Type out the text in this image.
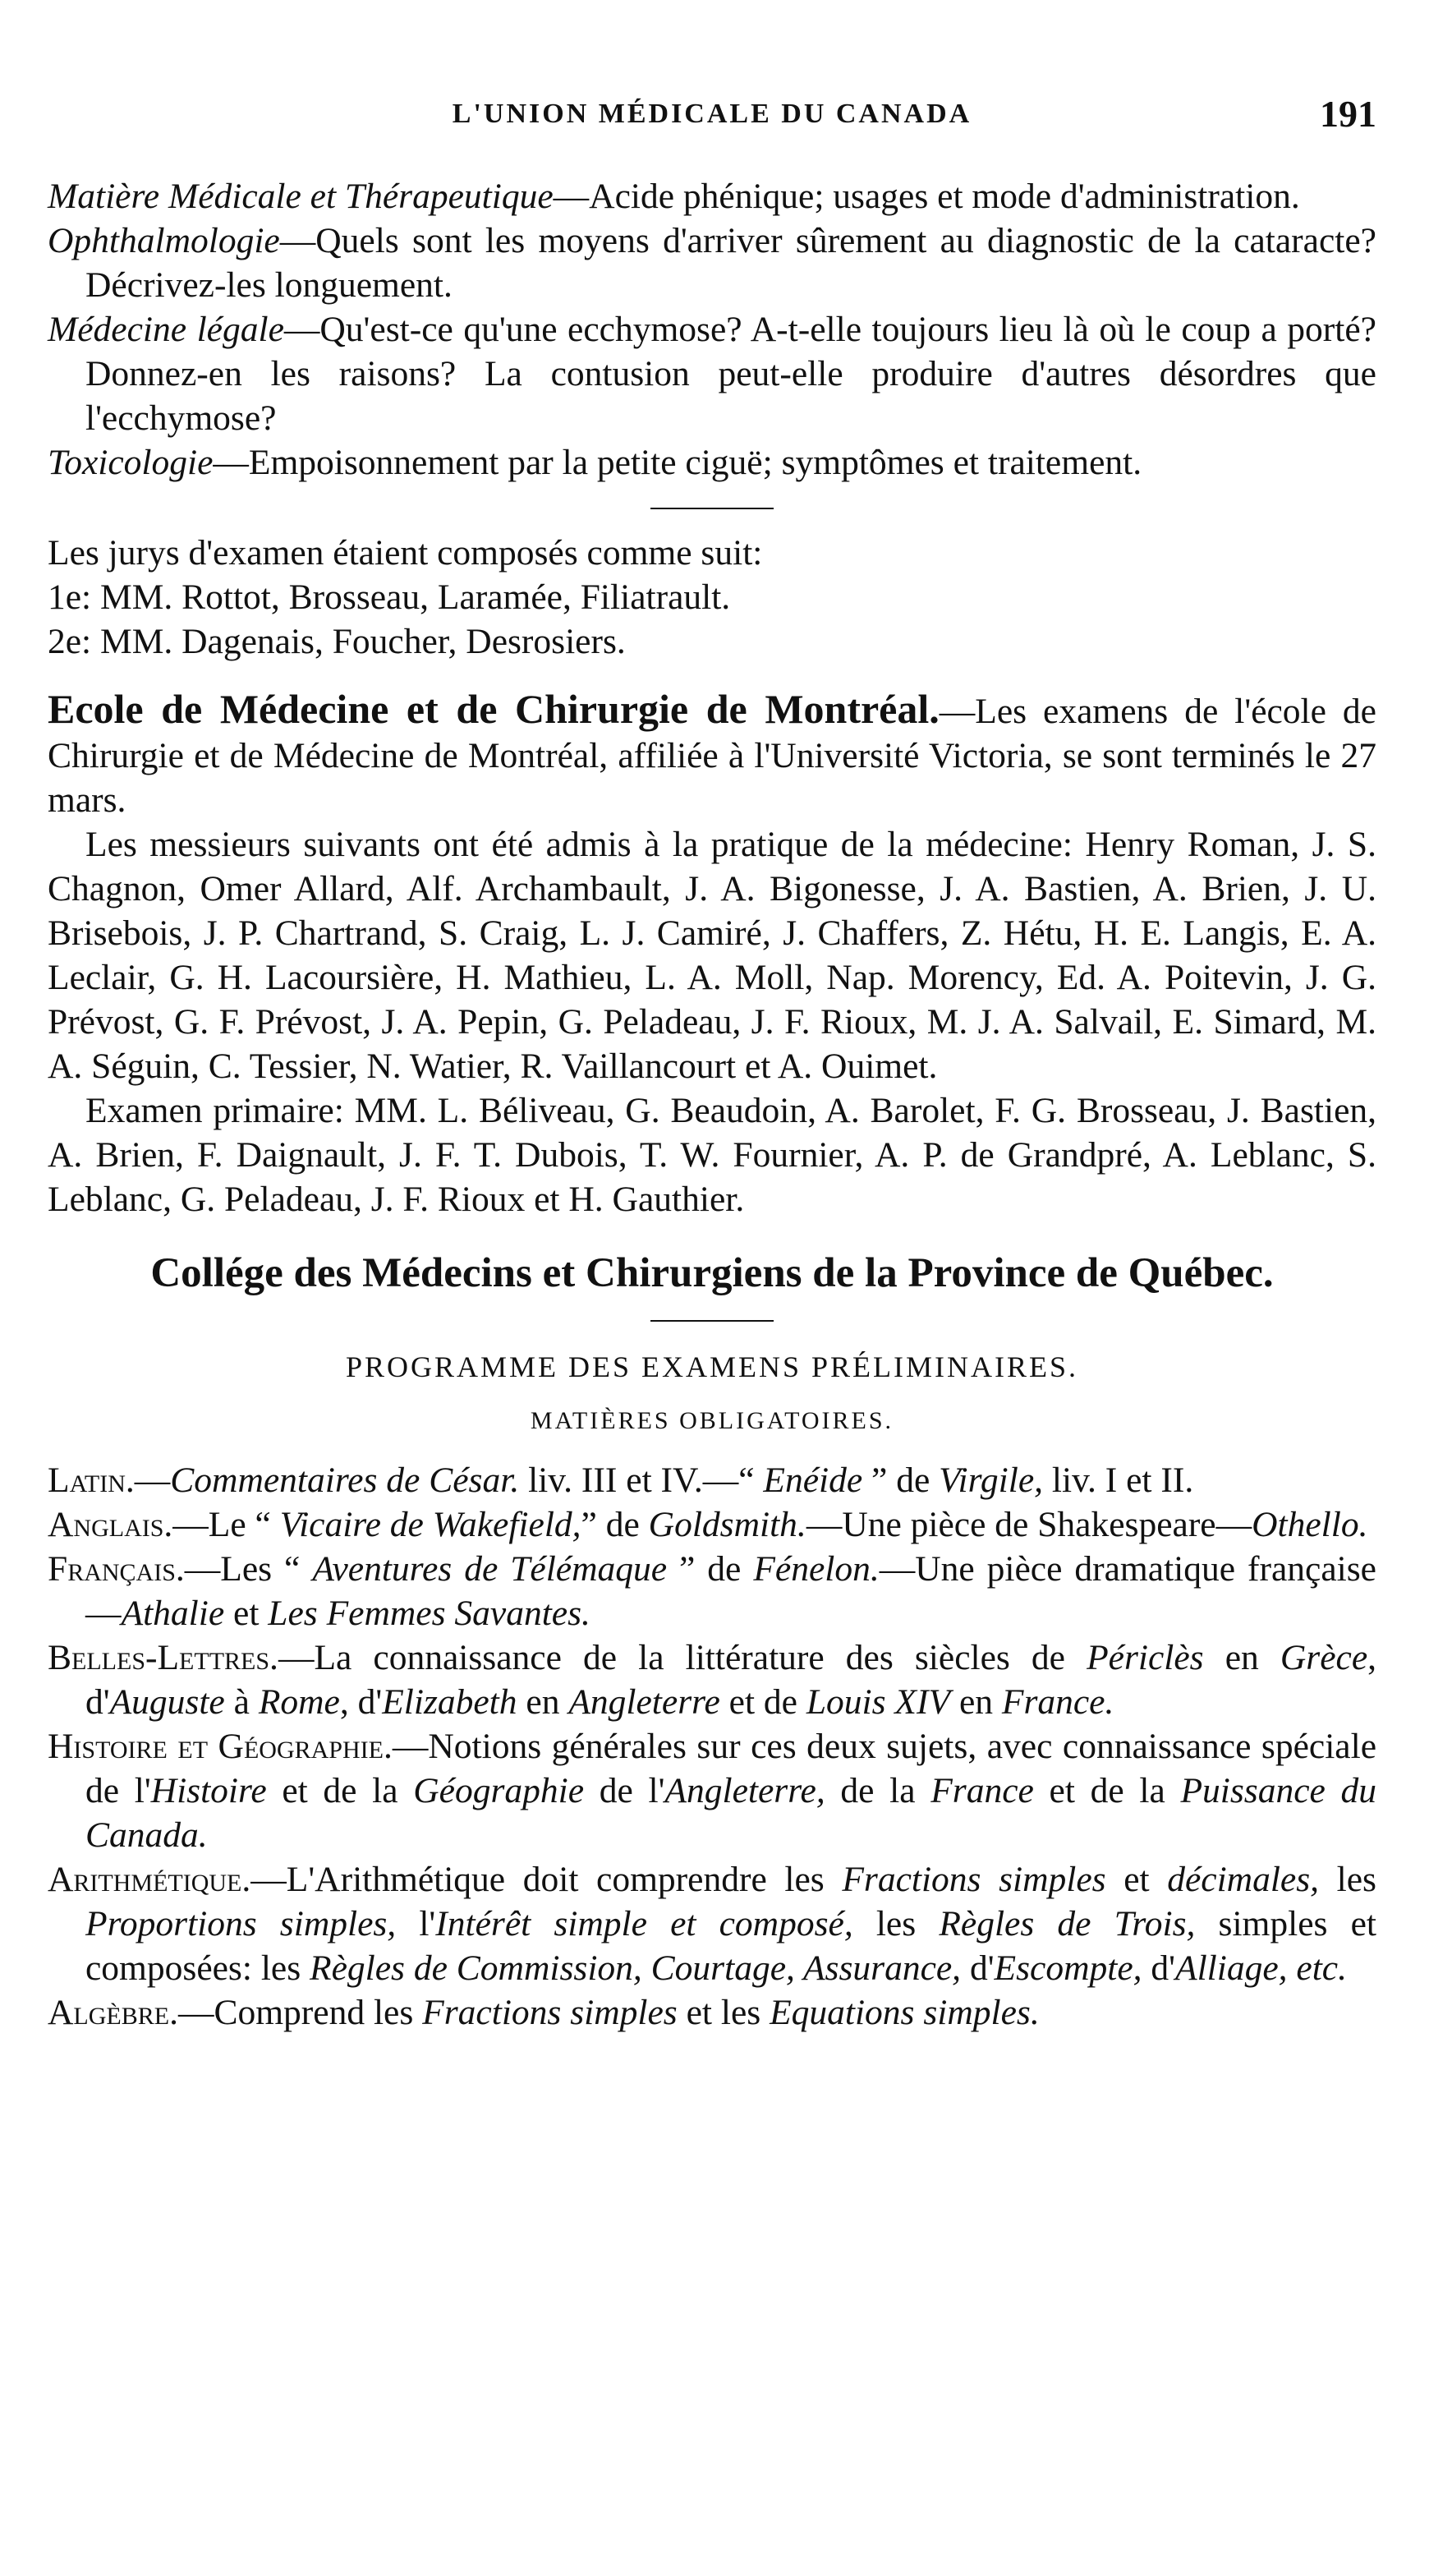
L'UNION MÉDICALE DU CANADA	191

Matière Médicale et Thérapeutique—Acide phénique; usages et mode d'administration.

Ophthalmologie—Quels sont les moyens d'arriver sûrement au diagnostic de la cataracte? Décrivez-les longuement.

Médecine légale—Qu'est-ce qu'une ecchymose? A-t-elle toujours lieu là où le coup a porté? Donnez-en les raisons? La contusion peut-elle produire d'autres désordres que l'ecchymose?

Toxicologie—Empoisonnement par la petite ciguë; symptômes et traitement.

Les jurys d'examen étaient composés comme suit:

1e: MM. Rottot, Brosseau, Laramée, Filiatrault.

2e: MM. Dagenais, Foucher, Desrosiers.

Ecole de Médecine et de Chirurgie de Montréal.—Les examens de l'école de Chirurgie et de Médecine de Montréal, affiliée à l'Université Victoria, se sont terminés le 27 mars.

Les messieurs suivants ont été admis à la pratique de la médecine: Henry Roman, J. S. Chagnon, Omer Allard, Alf. Archambault, J. A. Bigonesse, J. A. Bastien, A. Brien, J. U. Brisebois, J. P. Chartrand, S. Craig, L. J. Camiré, J. Chaffers, Z. Hétu, H. E. Langis, E. A. Leclair, G. H. Lacoursière, H. Mathieu, L. A. Moll, Nap. Morency, Ed. A. Poitevin, J. G. Prévost, G. F. Prévost, J. A. Pepin, G. Peladeau, J. F. Rioux, M. J. A. Salvail, E. Simard, M. A. Séguin, C. Tessier, N. Watier, R. Vaillancourt et A. Ouimet.

Examen primaire: MM. L. Béliveau, G. Beaudoin, A. Barolet, F. G. Brosseau, J. Bastien, A. Brien, F. Daignault, J. F. T. Dubois, T. W. Fournier, A. P. de Grandpré, A. Leblanc, S. Leblanc, G. Peladeau, J. F. Rioux et H. Gauthier.

Collége des Médecins et Chirurgiens de la Province de Québec.
PROGRAMME DES EXAMENS PRÉLIMINAIRES.
MATIÈRES OBLIGATOIRES.

Latin.—Commentaires de César. liv. III et IV.—“ Enéide ” de Virgile, liv. I et II.

Anglais.—Le “ Vicaire de Wakefield,” de Goldsmith.—Une pièce de Shakespeare—Othello.

Français.—Les “ Aventures de Télémaque ” de Fénelon.—Une pièce dramatique française—Athalie et Les Femmes Savantes.

Belles-Lettres.—La connaissance de la littérature des siècles de Périclès en Grèce, d'Auguste à Rome, d'Elizabeth en Angleterre et de Louis XIV en France.

Histoire et Géographie.—Notions générales sur ces deux sujets, avec connaissance spéciale de l'Histoire et de la Géographie de l'Angleterre, de la France et de la Puissance du Canada.

Arithmétique.—L'Arithmétique doit comprendre les Fractions simples et décimales, les Proportions simples, l'Intérêt simple et composé, les Règles de Trois, simples et composées: les Règles de Commission, Courtage, Assurance, d'Escompte, d'Alliage, etc.

Algèbre.—Comprend les Fractions simples et les Equations simples.
